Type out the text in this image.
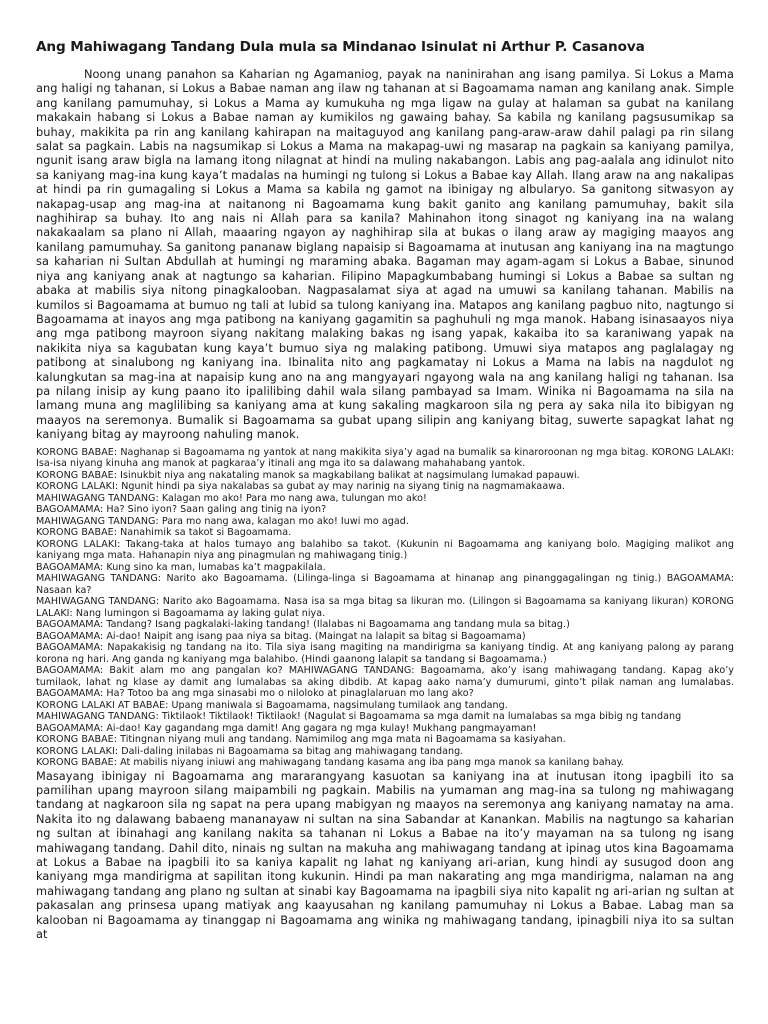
Ang Mahiwagang Tandang Dula mula sa Mindanao Isinulat ni Arthur P. Casanova

Noong unang panahon sa Kaharian ng Agamaniog, payak na naninirahan ang isang pamilya. Si Lokus a Mama ang haligi ng tahanan, si Lokus a Babae naman ang ilaw ng tahanan at si Bagoamama naman ang kanilang anak. Simple ang kanilang pamumuhay, si Lokus a Mama ay kumukuha ng mga ligaw na gulay at halaman sa gubat na kanilang makakain habang si Lokus a Babae naman ay kumikilos ng gawaing bahay. Sa kabila ng kanilang pagsusumikap sa buhay, makikita pa rin ang kanilang kahirapan na maitaguyod ang kanilang pang-araw-araw dahil palagi pa rin silang salat sa pagkain. Labis na nagsumikap si Lokus a Mama na makapag-uwi ng masarap na pagkain sa kaniyang pamilya, ngunit isang araw bigla na lamang itong nilagnat at hindi na muling nakabangon. Labis ang pag-aalala ang idinulot nito sa kaniyang mag-ina kung kaya’t madalas na humingi ng tulong si Lokus a Babae kay Allah. Ilang araw na ang nakalipas at hindi pa rin gumagaling si Lokus a Mama sa kabila ng gamot na ibinigay ng albularyo. Sa ganitong sitwasyon ay nakapag-usap ang mag-ina at naitanong ni Bagoamama kung bakit ganito ang kanilang pamumuhay, bakit sila naghihirap sa buhay. Ito ang nais ni Allah para sa kanila? Mahinahon itong sinagot ng kaniyang ina na walang nakakaalam sa plano ni Allah, maaaring ngayon ay naghihirap sila at bukas o ilang araw ay magiging maayos ang kanilang pamumuhay. Sa ganitong pananaw biglang napaisip si Bagoamama at inutusan ang kaniyang ina na magtungo sa kaharian ni Sultan Abdullah at humingi ng maraming abaka. Bagaman may agam-agam si Lokus a Babae, sinunod niya ang kaniyang anak at nagtungo sa kaharian. Filipino Mapagkumbabang humingi si Lokus a Babae sa sultan ng abaka at mabilis siya nitong pinagkalooban. Nagpasalamat siya at agad na umuwi sa kanilang tahanan. Mabilis na kumilos si Bagoamama at bumuo ng tali at lubid sa tulong kaniyang ina. Matapos ang kanilang pagbuo nito, nagtungo si Bagoamama at inayos ang mga patibong na kaniyang gagamitin sa paghuhuli ng mga manok. Habang isinasaayos niya ang mga patibong mayroon siyang nakitang malaking bakas ng isang yapak, kakaiba ito sa karaniwang yapak na nakikita niya sa kagubatan kung kaya’t bumuo siya ng malaking patibong. Umuwi siya matapos ang paglalagay ng patibong at sinalubong ng kaniyang ina. Ibinalita nito ang pagkamatay ni Lokus a Mama na labis na nagdulot ng kalungkutan sa mag-ina at napaisip kung ano na ang mangyayari ngayong wala na ang kanilang haligi ng tahanan. Isa pa nilang inisip ay kung paano ito ipalilibing dahil wala silang pambayad sa Imam. Winika ni Bagoamama na sila na lamang muna ang maglilibing sa kaniyang ama at kung sakaling magkaroon sila ng pera ay saka nila ito bibigyan ng maayos na seremonya. Bumalik si Bagoamama sa gubat upang silipin ang kaniyang bitag, suwerte sapagkat lahat ng kaniyang bitag ay mayroong nahuling manok.

KORONG BABAE: Naghanap si Bagoamama ng yantok at nang makikita siya’y agad na bumalik sa kinaroroonan ng mga bitag. KORONG LALAKI: Isa-isa niyang kinuha ang manok at pagkaraa’y itinali ang mga ito sa dalawang mahahabang yantok.

KORONG BABAE: Isinukbit niya ang nakataling manok sa magkabilang balikat at nagsimulang lumakad papauwi.

KORONG LALAKI: Ngunit hindi pa siya nakalabas sa gubat ay may narinig na siyang tinig na nagmamakaawa.

MAHIWAGANG TANDANG: Kalagan mo ako! Para mo nang awa, tulungan mo ako!

BAGOAMAMA: Ha? Sino iyon? Saan galing ang tinig na iyon?

MAHIWAGANG TANDANG: Para mo nang awa, kalagan mo ako! Iuwi mo agad.

KORONG BABAE: Nanahimik sa takot si Bagoamama.

KORONG LALAKI: Takang-taka at halos tumayo ang balahibo sa takot. (Kukunin ni Bagoamama ang kaniyang bolo. Magiging malikot ang kaniyang mga mata. Hahanapin niya ang pinagmulan ng mahiwagang tinig.)

BAGOAMAMA: Kung sino ka man, lumabas ka’t magpakilala.

MAHIWAGANG TANDANG: Narito ako Bagoamama. (Lilinga-linga si Bagoamama at hinanap ang pinanggagalingan ng tinig.) BAGOAMAMA: Nasaan ka?

MAHIWAGANG TANDANG: Narito ako Bagoamama. Nasa isa sa mga bitag sa likuran mo. (Lilingon si Bagoamama sa kaniyang likuran) KORONG LALAKI: Nang lumingon si Bagoamama ay laking gulat niya.

BAGOAMAMA: Tandang? Isang pagkalaki-laking tandang! (Ilalabas ni Bagoamama ang tandang mula sa bitag.)

BAGOAMAMA: Ai-dao! Naipit ang isang paa niya sa bitag. (Maingat na lalapit sa bitag si Bagoamama)

BAGOAMAMA: Napakakisig ng tandang na ito. Tila siya isang magiting na mandirigma sa kaniyang tindig. At ang kaniyang palong ay parang korona ng hari. Ang ganda ng kaniyang mga balahibo. (Hindi gaanong lalapit sa tandang si Bagoamama.)

BAGOAMAMA: Bakit alam mo ang pangalan ko? MAHIWAGANG TANDANG: Bagoamama, ako’y isang mahiwagang tandang. Kapag ako’y tumilaok, lahat ng klase ay damit ang lumalabas sa aking dibdib. At kapag aako nama’y dumurumi, ginto’t pilak naman ang lumalabas. BAGOAMAMA: Ha? Totoo ba ang mga sinasabi mo o niloloko at pinaglalaruan mo lang ako?

KORONG LALAKI AT BABAE: Upang maniwala si Bagoamama, nagsimulang tumilaok ang tandang.

MAHIWAGANG TANDANG: Tiktilaok! Tiktilaok! Tiktilaok! (Nagulat si Bagoamama sa mga damit na lumalabas sa mga bibig ng tandang

BAGOAMAMA: Ai-dao! Kay gagandang mga damit! Ang gagara ng mga kulay! Mukhang pangmayaman!

KORONG BABAE: Titingnan niyang muli ang tandang. Namimilog ang mga mata ni Bagoamama sa kasiyahan.

KORONG LALAKI: Dali-daling inilabas ni Bagoamama sa bitag ang mahiwagang tandang.

KORONG BABAE: At mabilis niyang iniuwi ang mahiwagang tandang kasama ang iba pang mga manok sa kanilang bahay.

Masayang ibinigay ni Bagoamama ang mararangyang kasuotan sa kaniyang ina at inutusan itong ipagbili ito sa pamilihan upang mayroon silang maipambili ng pagkain. Mabilis na yumaman ang mag-ina sa tulong ng mahiwagang tandang at nagkaroon sila ng sapat na pera upang mabigyan ng maayos na seremonya ang kaniyang namatay na ama. Nakita ito ng dalawang babaeng mananayaw ni sultan na sina Sabandar at Kanankan. Mabilis na nagtungo sa kaharian ng sultan at ibinahagi ang kanilang nakita sa tahanan ni Lokus a Babae na ito’y mayaman na sa tulong ng isang mahiwagang tandang. Dahil dito, ninais ng sultan na makuha ang mahiwagang tandang at ipinag utos kina Bagoamama at Lokus a Babae na ipagbili ito sa kaniya kapalit ng lahat ng kaniyang ari-arian, kung hindi ay susugod doon ang kaniyang mga mandirigma at sapilitan itong kukunin. Hindi pa man nakarating ang mga mandirigma, nalaman na ang mahiwagang tandang ang plano ng sultan at sinabi kay Bagoamama na ipagbili siya nito kapalit ng ari-arian ng sultan at pakasalan ang prinsesa upang matiyak ang kaayusahan ng kanilang pamumuhay ni Lokus a Babae. Labag man sa kalooban ni Bagoamama ay tinanggap ni Bagoamama ang winika ng mahiwagang tandang, ipinagbili niya ito sa sultan at
